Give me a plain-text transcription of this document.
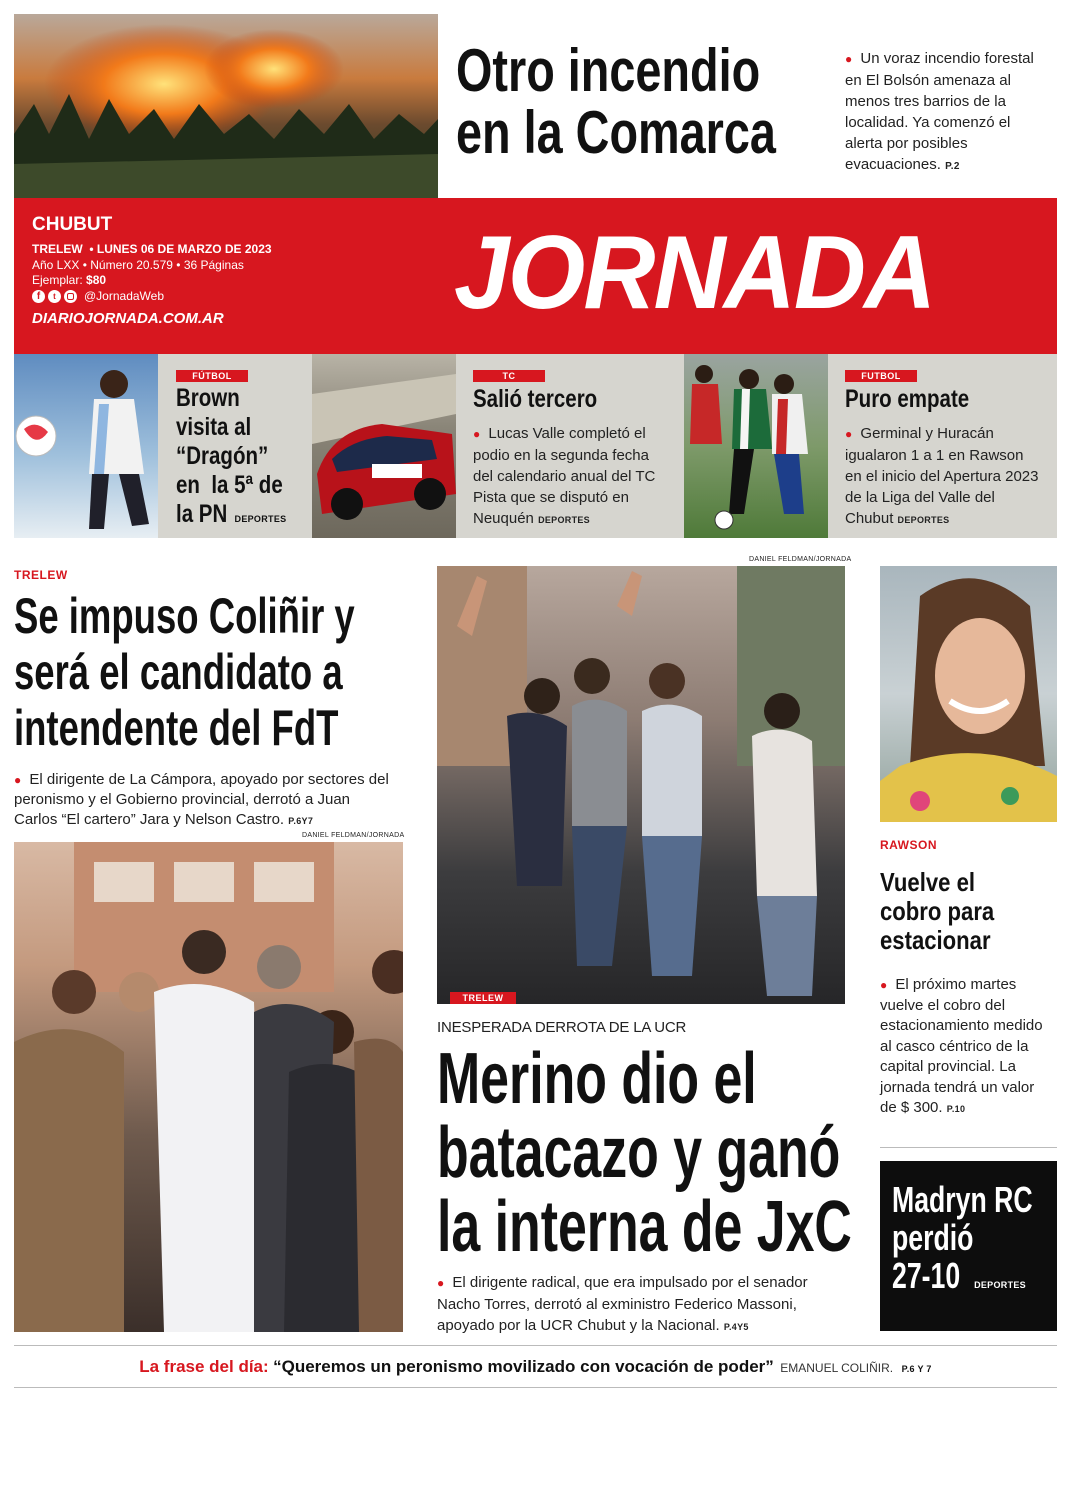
Otro incendio
en la Comarca
● Un voraz incendio forestal en El Bolsón amenaza al menos tres barrios de la localidad. Ya comenzó el alerta por posibles evacuaciones. P.2
CHUBUT
TRELEW  • LUNES 06 DE MARZO DE 2023
Año LXX • Número 20.579 • 36 Páginas
Ejemplar: $80
f	t	@JornadaWeb
DIARIOJORNADA.COM.AR JORNADA
FÚTBOL
Brown
visita al
“Dragón”
en  la 5ª de
la PN DEPORTES
TC
Salió tercero
● Lucas Valle completó el podio en la segunda fecha del calendario anual del TC Pista que se disputó en Neuquén DEPORTES
FUTBOL
Puro empate
● Germinal y Huracán igualaron 1 a 1 en Rawson en el inicio del Apertura 2023 de la Liga del Valle del Chubut DEPORTES
TRELEW
Se impuso Coliñir y
será el candidato a
intendente del FdT
● El dirigente de La Cámpora, apoyado por sectores del peronismo y el Gobierno provincial, derrotó a Juan Carlos “El cartero” Jara y Nelson Castro. P.6Y7
DANIEL FELDMAN/JORNADA
DANIEL FELDMAN/JORNADA
TRELEW
INESPERADA DERROTA DE LA UCR
Merino dio el
batacazo y ganó
la interna de JxC
● El dirigente radical, que era impulsado por el senador Nacho Torres, derrotó al exministro Federico Massoni, apoyado por la UCR Chubut y la Nacional. P.4Y5
RAWSON
Vuelve el
cobro para
estacionar
● El próximo martes vuelve el cobro del estacionamiento medido al casco céntrico de la capital provincial. La jornada tendrá un valor de $ 300. P.10
Madryn RC
perdió
27-10 DEPORTES
La frase del día: “Queremos un peronismo movilizado con vocación de poder” EMANUEL COLIÑIR. P.6 Y 7
